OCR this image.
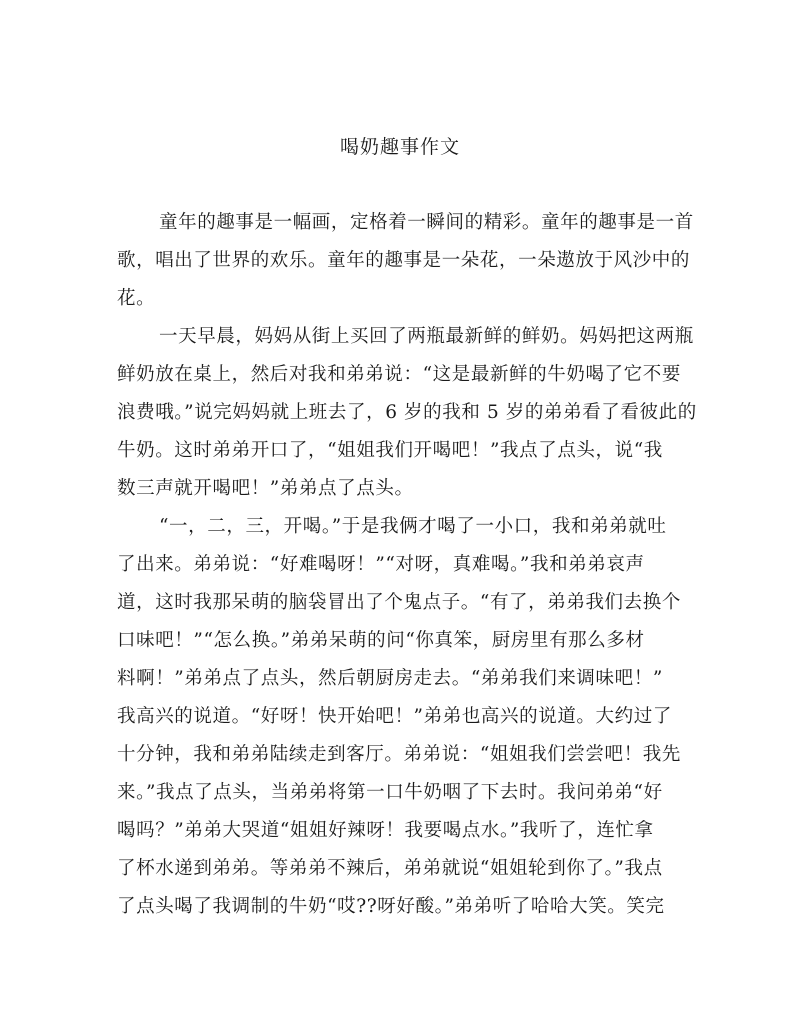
喝奶趣事作文
童年的趣事是一幅画，定格着一瞬间的精彩。童年的趣事是一首
歌，唱出了世界的欢乐。童年的趣事是一朵花，一朵遨放于风沙中的
花。
一天早晨，妈妈从街上买回了两瓶最新鲜的鲜奶。妈妈把这两瓶
鲜奶放在桌上，然后对我和弟弟说：“这是最新鲜的牛奶喝了它不要
浪费哦。”说完妈妈就上班去了，6 岁的我和 5 岁的弟弟看了看彼此的
牛奶。这时弟弟开口了，“姐姐我们开喝吧！”我点了点头，说“我
数三声就开喝吧！”弟弟点了点头。
“一，二，三，开喝。”于是我俩才喝了一小口，我和弟弟就吐
了出来。弟弟说：“好难喝呀！”“对呀，真难喝。”我和弟弟哀声
道，这时我那呆萌的脑袋冒出了个鬼点子。“有了，弟弟我们去换个
口味吧！”“怎么换。”弟弟呆萌的问“你真笨，厨房里有那么多材
料啊！”弟弟点了点头，然后朝厨房走去。“弟弟我们来调味吧！”
我高兴的说道。“好呀！快开始吧！”弟弟也高兴的说道。大约过了
十分钟，我和弟弟陆续走到客厅。弟弟说：“姐姐我们尝尝吧！我先
来。”我点了点头，当弟弟将第一口牛奶咽了下去时。我问弟弟“好
喝吗？”弟弟大哭道“姐姐好辣呀！我要喝点水。”我听了，连忙拿
了杯水递到弟弟。等弟弟不辣后，弟弟就说“姐姐轮到你了。”我点
了点头喝了我调制的牛奶“哎??呀好酸。”弟弟听了哈哈大笑。笑完
